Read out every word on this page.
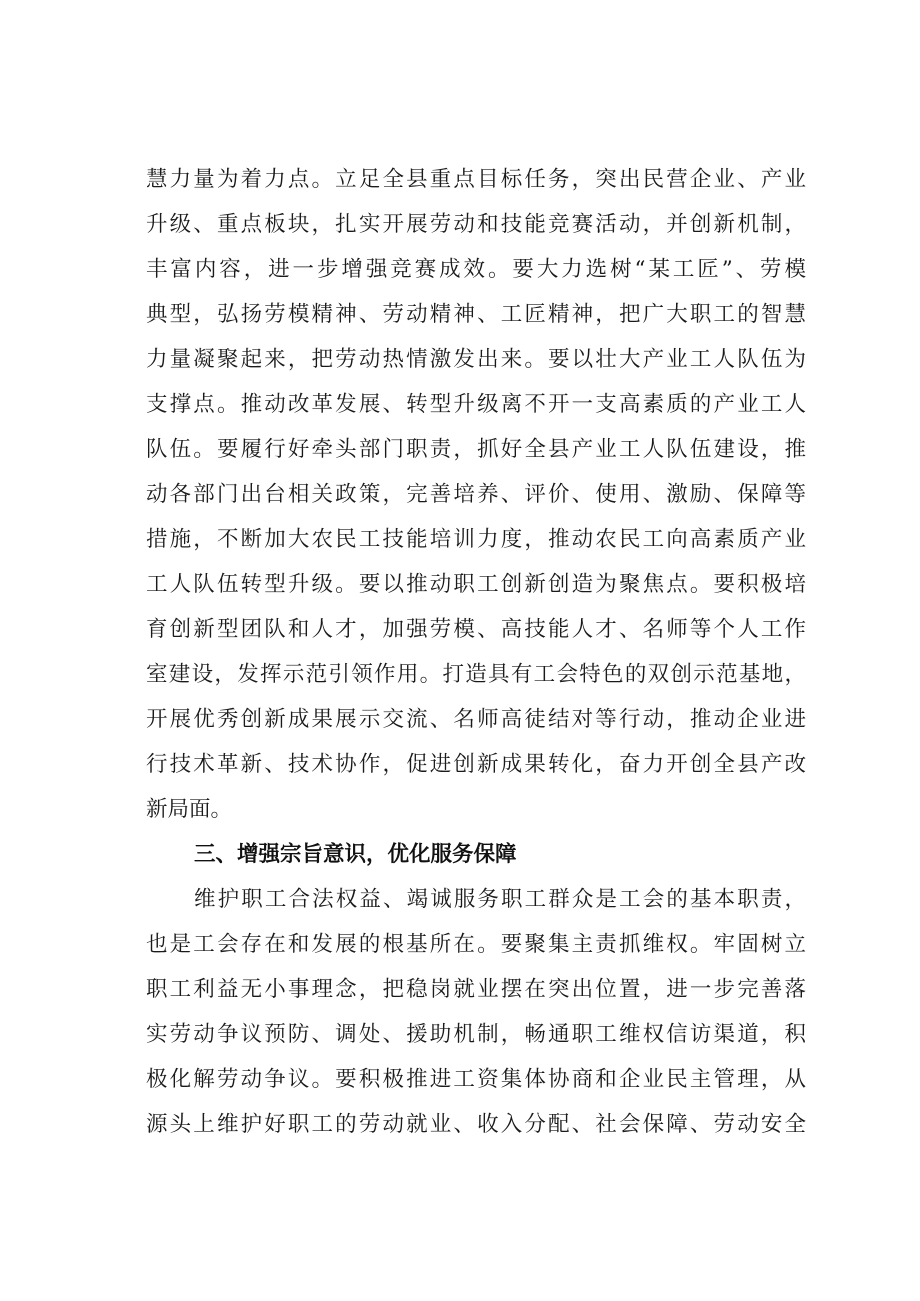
慧力量为着力点。立足全县重点目标任务，突出民营企业、产业
升级、重点板块，扎实开展劳动和技能竞赛活动，并创新机制，
丰富内容，进一步增强竞赛成效。要大力选树“某工匠”、劳模
典型，弘扬劳模精神、劳动精神、工匠精神，把广大职工的智慧
力量凝聚起来，把劳动热情激发出来。要以壮大产业工人队伍为
支撑点。推动改革发展、转型升级离不开一支高素质的产业工人
队伍。要履行好牵头部门职责，抓好全县产业工人队伍建设，推
动各部门出台相关政策，完善培养、评价、使用、激励、保障等
措施，不断加大农民工技能培训力度，推动农民工向高素质产业
工人队伍转型升级。要以推动职工创新创造为聚焦点。要积极培
育创新型团队和人才，加强劳模、高技能人才、名师等个人工作
室建设，发挥示范引领作用。打造具有工会特色的双创示范基地，
开展优秀创新成果展示交流、名师高徒结对等行动，推动企业进
行技术革新、技术协作，促进创新成果转化，奋力开创全县产改
新局面。
三、增强宗旨意识，优化服务保障
维护职工合法权益、竭诚服务职工群众是工会的基本职责，
也是工会存在和发展的根基所在。要聚集主责抓维权。牢固树立
职工利益无小事理念，把稳岗就业摆在突出位置，进一步完善落
实劳动争议预防、调处、援助机制，畅通职工维权信访渠道，积
极化解劳动争议。要积极推进工资集体协商和企业民主管理，从
源头上维护好职工的劳动就业、收入分配、社会保障、劳动安全
